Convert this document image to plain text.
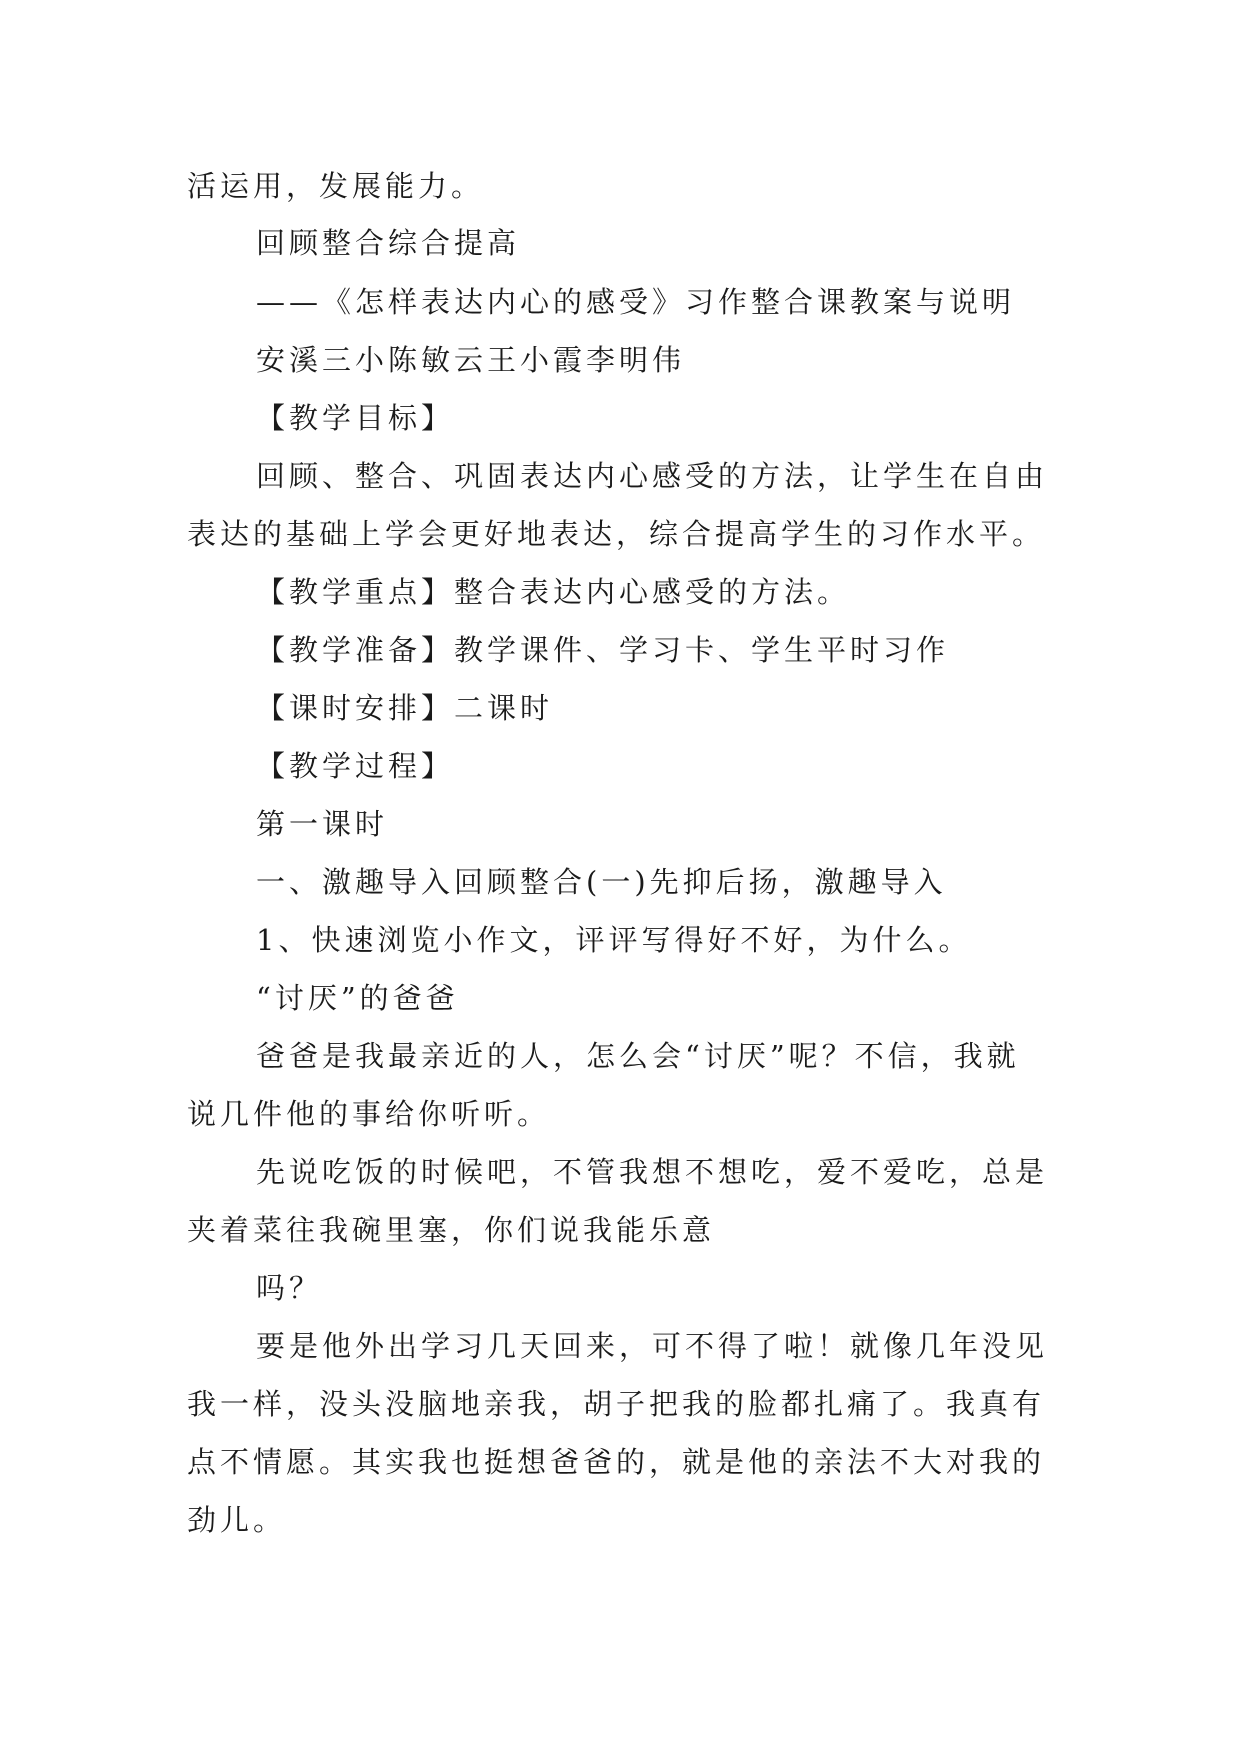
活运用，发展能力。
回顾整合综合提高
——《怎样表达内心的感受》习作整合课教案与说明
安溪三小陈敏云王小霞李明伟
【教学目标】
回顾、整合、巩固表达内心感受的方法，让学生在自由
表达的基础上学会更好地表达，综合提高学生的习作水平。
【教学重点】整合表达内心感受的方法。
【教学准备】教学课件、学习卡、学生平时习作
【课时安排】二课时
【教学过程】
第一课时
一、激趣导入回顾整合(一)先抑后扬，激趣导入
1、快速浏览小作文，评评写得好不好，为什么。
“讨厌”的爸爸
爸爸是我最亲近的人，怎么会“讨厌”呢？不信，我就
说几件他的事给你听听。
先说吃饭的时候吧，不管我想不想吃，爱不爱吃，总是
夹着菜往我碗里塞，你们说我能乐意
吗？
要是他外出学习几天回来，可不得了啦！就像几年没见
我一样，没头没脑地亲我，胡子把我的脸都扎痛了。我真有
点不情愿。其实我也挺想爸爸的，就是他的亲法不大对我的
劲儿。
